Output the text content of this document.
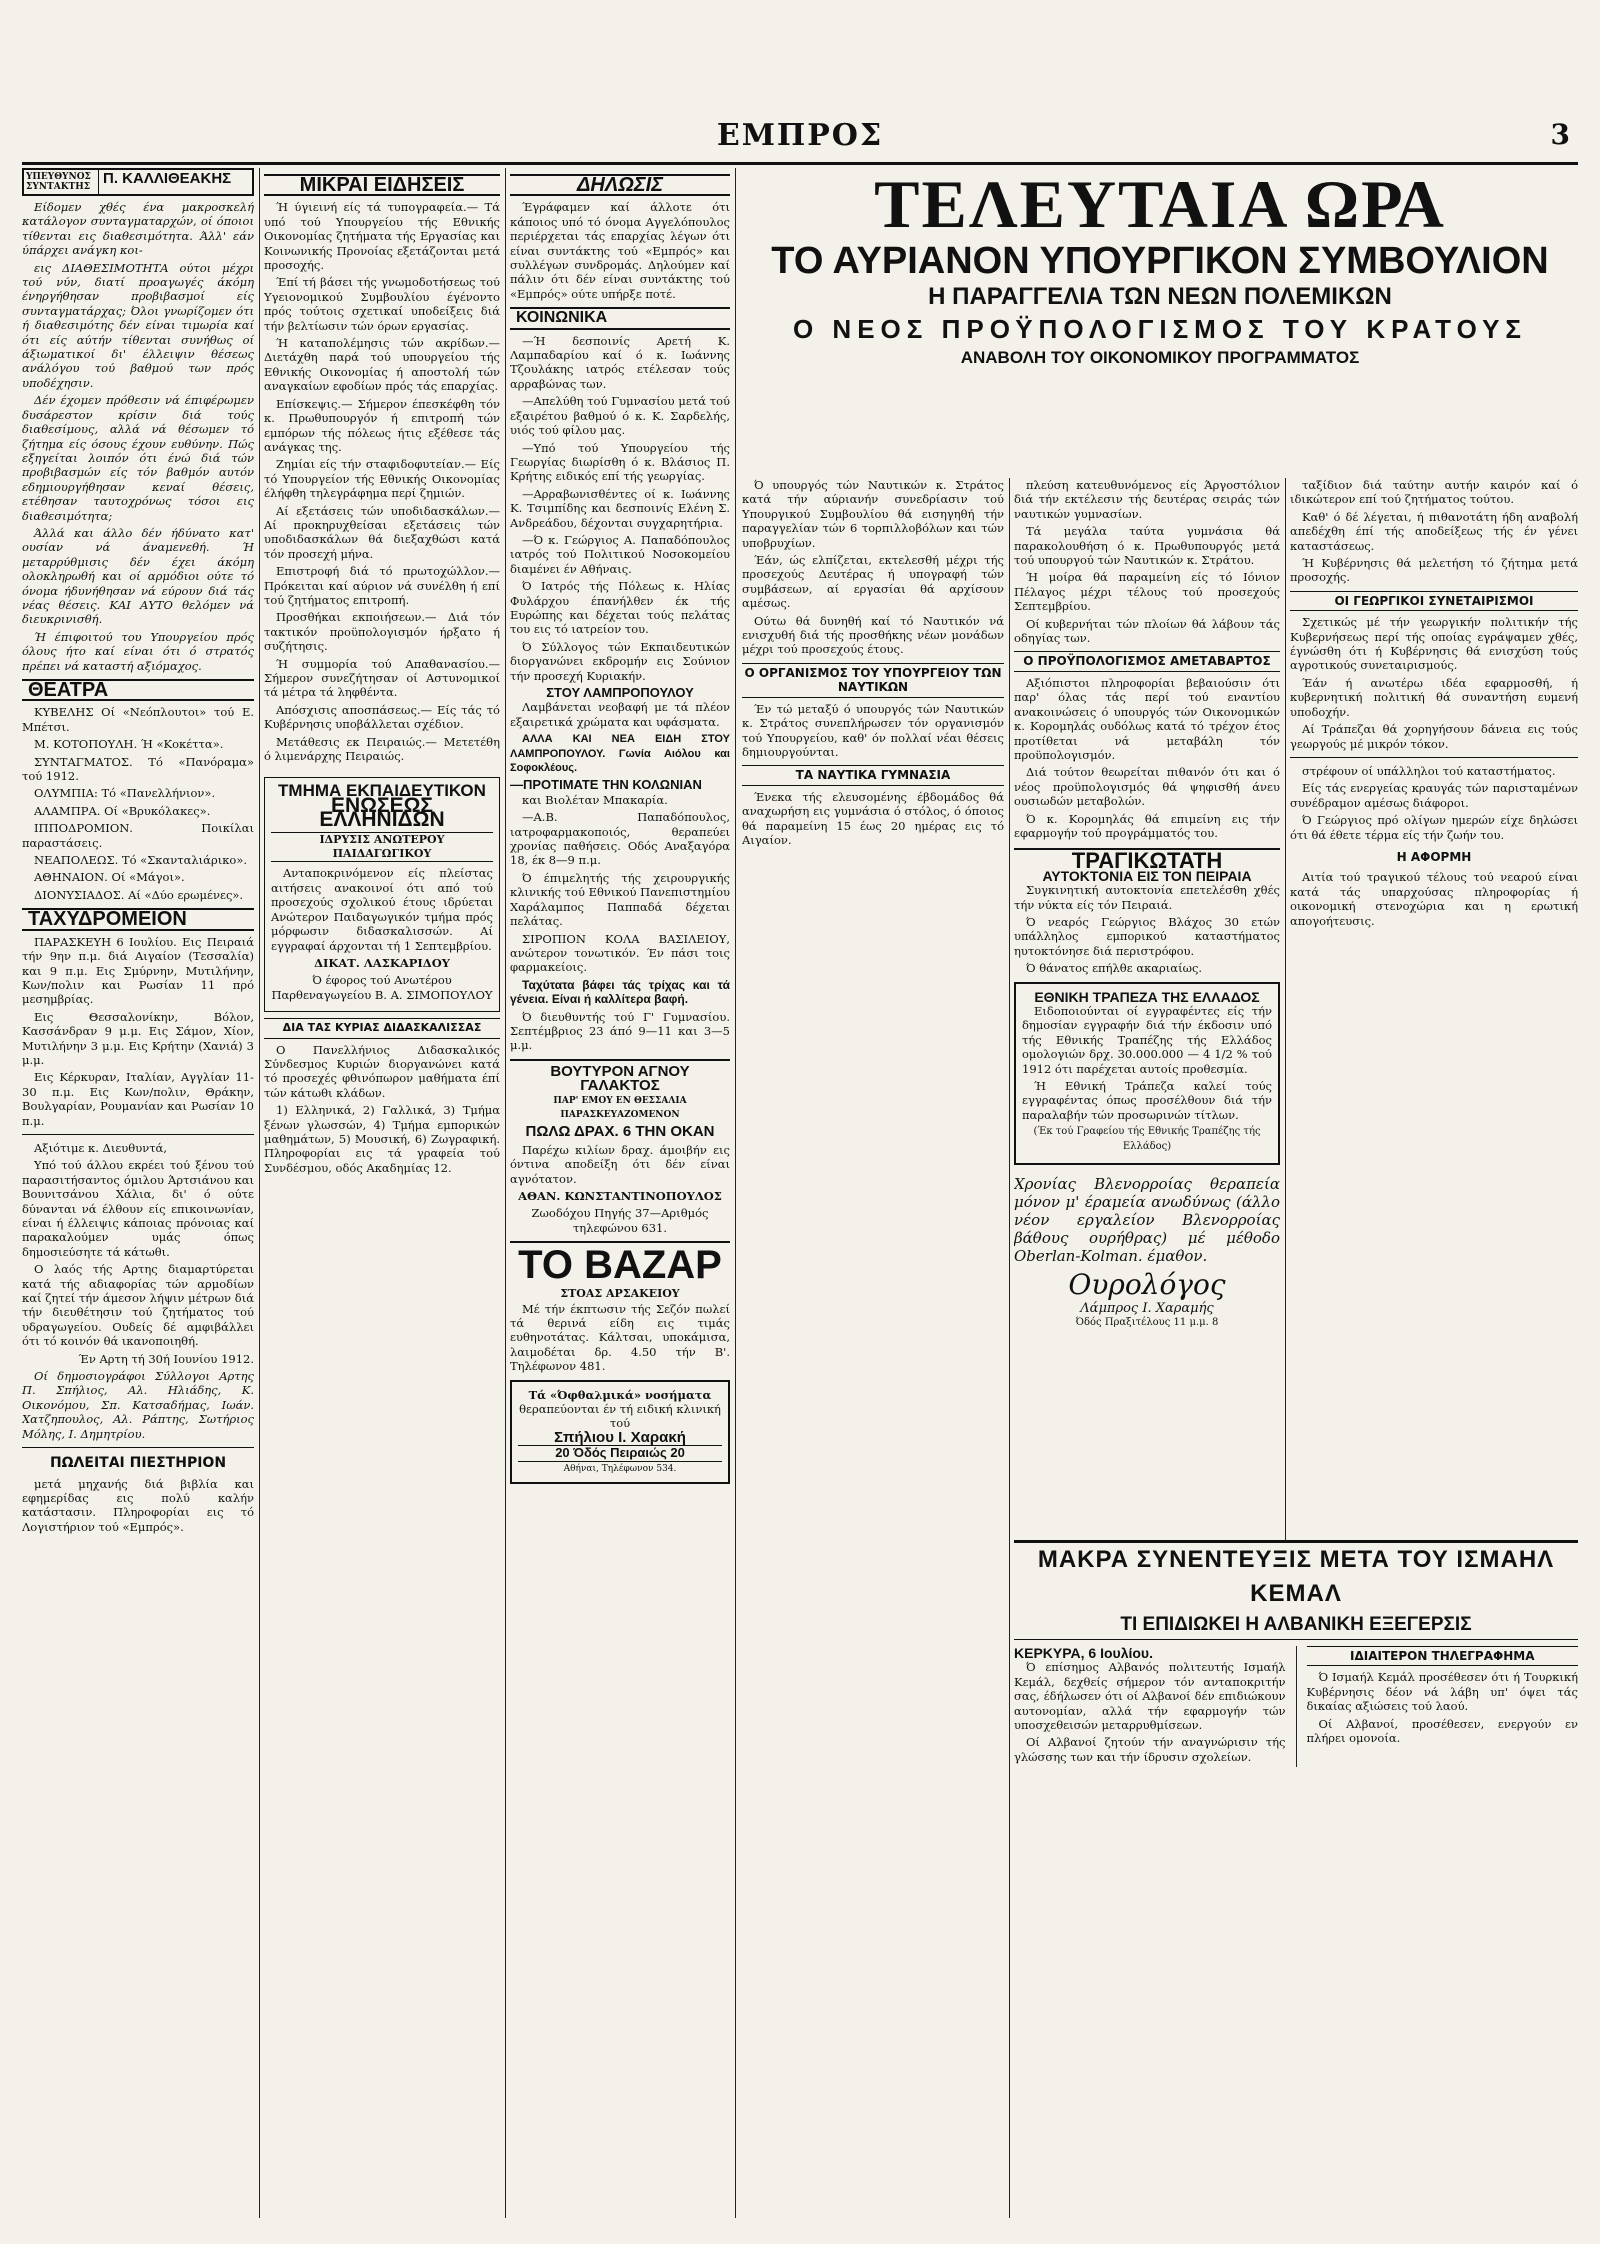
ΕΜΠΡΟΣ	3
ΥΠΕΥΘΥΝΟΣ ΣΥΝΤΑΚΤΗΣ Π. ΚΑΛΛΙΘΕΑΚΗΣ

Είδομεν χθές ένα μακροσκελή κατάλογον συνταγματαρχών, οί όποιοι τίθενται εις διαθεσιμότητα. Άλλ' εάν ύπάρχει ανάγκη κοι-

εις ΔΙΑΘΕΣΙΜΟΤΗΤΑ ούτοι μέχρι τού νύν, διατί προαγωγές άκόμη ένηργήθησαν προβιβασμοί είς συνταγματάρχας; Όλοι γνωρίζομεν ότι ή διαθεσιμότης δέν είναι τιμωρία καί ότι είς αύτήν τίθενται συνήθως οί άξιωματικοί δι' έλλειψιν θέσεως ανάλόγου τού βαθμού των πρός υποδέχησιν.

Δέν έχομεν πρόθεσιν νά έπιφέρωμεν δυσάρεστον κρίσιν διά τούς διαθεσίμους, αλλά νά θέσωμεν τό ζήτημα είς όσους έχουν ευθύνην. Πώς εξηγείται λοιπόν ότι ένώ διά τών προβιβασμών είς τόν βαθμόν αυτόν εδημιουργήθησαν κεναί θέσεις, ετέθησαν ταυτοχρόνως τόσοι εις διαθεσιμότητα;

Άλλά και άλλο δέν ήδύνατο κατ' ουσίαν νά άναμενεθή. Ή μεταρρύθμισις δέν έχει άκόμη ολοκληρωθή και οί αρμόδιοι ούτε τό όνομα ήδυνήθησαν νά εύρουν διά τάς νέας θέσεις. ΚΑΙ ΑΥΤΟ θελόμεν νά διευκρινισθή.

Ή έπιφοιτού του Υπουργείου πρός όλους ήτο καί είναι ότι ό στρατός πρέπει νά καταστή αξιόμαχος.

ΘΕΑΤΡΑ

ΚΥΒΕΛΗΣ Οί «Νεόπλουτοι» τού Ε. Μπέτσι.

Μ. ΚΟΤΟΠΟΥΛΗ. Ή «Κοκέττα».

ΣΥΝΤΑΓΜΑΤΟΣ. Τό «Πανόραμα» τού 1912.

ΟΛΥΜΠΙΑ: Τό «Πανελλήνιον».

ΑΛΑΜΠΡΑ. Οί «Βρυκόλακες».

ΙΠΠΟΔΡΟΜΙΟΝ. Ποικίλαι παραστάσεις.

ΝΕΑΠΟΛΕΩΣ. Τό «Σκανταλιάρικο».

ΑΘΗΝΑΙΟΝ. Οί «Μάγοι».

ΔΙΟΝΥΣΙΑΔΟΣ. Αί «Δύο ερωμένες».

ΤΑΧΥΔΡΟΜΕΙΟΝ

ΠΑΡΑΣΚΕΥΗ 6 Ιουλίου. Εις Πειραιά τήν 9ην π.μ. διά Αιγαίον (Τεσσαλία) και 9 π.μ. Εις Σμύρνην, Μυτιλήνην, Κων/πολιν και Ρωσίαν 11 πρό μεσημβρίας.

Εις Θεσσαλονίκην, Βόλον, Κασσάνδραν 9 μ.μ. Εις Σάμον, Χίον, Μυτιλήνην 3 μ.μ. Εις Κρήτην (Χανιά) 3 μ.μ.

Εις Κέρκυραν, Ιταλίαν, Αγγλίαν 11-30 π.μ. Εις Κων/πολιν, Θράκην, Βουλγαρίαν, Ρουμανίαν και Ρωσίαν 10 π.μ.

Αξιότιμε κ. Διευθυντά,

Υπό τού άλλου εκρέει τού ξένου τού παρασιτήσαντος όμιλου Άρτσιάνου και Βουνιτσάνου Χάλια, δι' ό ούτε δύνανται νά έλθουν είς επικοινωνίαν, είναι ή έλλειψις κάποιας πρόνοιας καί παρακαλούμεν υμάς όπως δημοσιεύσητε τά κάτωθι.

Ο λαός τής Αρτης διαμαρτύρεται κατά τής αδιαφορίας τών αρμοδίων καί ζητεί τήν άμεσον λήψιν μέτρων διά τήν διευθέτησιν τού ζητήματος τού υδραγωγείου. Ουδείς δέ αμφιβάλλει ότι τό κοινόν θά ικανοποιηθή.

Έν Αρτη τή 30ή Ιουνίου 1912.

Οί δημοσιογράφοι Σύλλογοι Αρτης Π. Σπήλιος, Αλ. Ηλιάδης, Κ. Οικονόμου, Σπ. Κατσαδήμας, Ιωάν. Χατζηπουλος, Αλ. Ράπτης, Σωτήριος Μόλης, Ι. Δημητρίου.

ΠΩΛΕΙΤΑΙ ΠΙΕΣΤΗΡΙΟΝ

μετά μηχανής διά βιβλία και εφημερίδας εις πολύ καλήν κατάστασιν. Πληροφορίαι εις τό Λογιστήριον τού «Εμπρός».

ΜΙΚΡΑΙ ΕΙΔΗΣΕΙΣ

Ή ύγιεινή είς τά τυπογραφεία.— Τά υπό τού Υπουργείου τής Εθνικής Οικονομίας ζητήματα τής Εργασίας και Κοινωνικής Προνοίας εξετάζονται μετά προσοχής.

Έπί τή βάσει τής γνωμοδοτήσεως τού Υγειονομικού Συμβουλίου έγένοντο πρός τούτοις σχετικαί υποδείξεις διά τήν βελτίωσιν τών όρων εργασίας.

Ή καταπολέμησις τών ακρίδων.— Διετάχθη παρά τού υπουργείου τής Εθνικής Οικονομίας ή αποστολή τών αναγκαίων εφοδίων πρός τάς επαρχίας.

Επίσκεψις.— Σήμερον έπεσκέφθη τόν κ. Πρωθυπουργόν ή επιτροπή τών εμπόρων τής πόλεως ήτις εξέθεσε τάς ανάγκας της.

Ζημίαι είς τήν σταφιδοφυτείαν.— Είς τό Υπουργείον τής Εθνικής Οικονομίας έλήφθη τηλεγράφημα περί ζημιών.

Αί εξετάσεις τών υποδιδασκάλων.— Αί προκηρυχθείσαι εξετάσεις τών υποδιδασκάλων θά διεξαχθώσι κατά τόν προσεχή μήνα.

Επιστροφή διά τό πρωτοχώλλον.— Πρόκειται καί αύριον νά συνέλθη ή επί τού ζητήματος επιτροπή.

Προσθήκαι εκποιήσεων.— Διά τόν τακτικόν προϋπολογισμόν ήρξατο ή συζήτησις.

Ή συμμορία τού Απαθανασίου.— Σήμερον συνεζήτησαν οί Αστυνομικοί τά μέτρα τά ληφθέντα.

Απόσχισις αποσπάσεως.— Είς τάς τό Κυβέρνησις υποβάλλεται σχέδιον.

Μετάθεσις εκ Πειραιώς.— Μετετέθη ό λιμενάρχης Πειραιώς.

ΤΜΗΜΑ ΕΚΠΑΙΔΕΥΤΙΚΟΝ
ΕΝΩΣΕΩΣ ΕΛΛΗΝΙΔΩΝ
ΙΔΡΥΣΙΣ ΑΝΩΤΕΡΟΥ ΠΑΙΔΑΓΩΓΙΚΟΥ

Ανταποκρινόμενον είς πλείστας αιτήσεις ανακοινοί ότι από τού προσεχούς σχολικού έτους ιδρύεται Ανώτερον Παιδαγωγικόν τμήμα πρός μόρφωσιν διδασκαλισσών. Αί εγγραφαί άρχονται τή 1 Σεπτεμβρίου.

ΔΙΚΑΤ. ΛΑΣΚΑΡΙΔΟΥ

Ό έφορος τού Ανωτέρου Παρθεναγωγείου Β. Α. ΣΙΜΟΠΟΥΛΟΥ

ΔΙΑ ΤΑΣ ΚΥΡΙΑΣ ΔΙΔΑΣΚΑΛΙΣΣΑΣ

Ο Πανελλήνιος Διδασκαλικός Σύνδεσμος Κυριών διοργανώνει κατά τό προσεχές φθινόπωρον μαθήματα έπί τών κάτωθι κλάδων.

1) Ελληνικά, 2) Γαλλικά, 3) Τμήμα ξένων γλωσσών, 4) Τμήμα εμπορικών μαθημάτων, 5) Μουσική, 6) Ζωγραφική. Πληροφορίαι εις τά γραφεία τού Συνδέσμου, οδός Ακαδημίας 12.

ΔΗΛΩΣΙΣ

Έγράφαμεν καί άλλοτε ότι κάποιος υπό τό όνομα Αγγελόπουλος περιέρχεται τάς επαρχίας λέγων ότι είναι συντάκτης τού «Εμπρός» και συλλέγων συνδρομάς. Δηλούμεν καί πάλιν ότι δέν είναι συντάκτης τού «Εμπρός» ούτε υπήρξε ποτέ.

ΚΟΙΝΩΝΙΚΑ

—Ή δεσποινίς Αρετή Κ. Λαμπαδαρίου καί ό κ. Ιωάννης Τζουλάκης ιατρός ετέλεσαν τούς αρραβώνας των.

—Απελύθη τού Γυμνασίου μετά τού εξαιρέτου βαθμού ό κ. Κ. Σαρδελής, υιός τού φίλου μας.

—Υπό τού Υπουργείου τής Γεωργίας διωρίσθη ό κ. Βλάσιος Π. Κρήτης ειδικός επί τής γεωργίας.

—Αρραβωνισθέντες οί κ. Ιωάννης Κ. Τσιμπίδης και δεσποινίς Ελένη Σ. Ανδρεάδου, δέχονται συγχαρητήρια.

—Ό κ. Γεώργιος Α. Παπαδόπουλος ιατρός τού Πολιτικού Νοσοκομείου διαμένει έν Αθήναις.

Ό Ιατρός τής Πόλεως κ. Ηλίας Φυλάρχου έπανήλθεν έκ τής Ευρώπης και δέχεται τούς πελάτας του εις τό ιατρείον του.

Ό Σύλλογος τών Εκπαιδευτικών διοργανώνει εκδρομήν εις Σούνιον τήν προσεχή Κυριακήν.

ΣΤΟΥ ΛΑΜΠΡΟΠΟΥΛΟΥ

Λαμβάνεται νεοβαφή με τά πλέον εξαιρετικά χρώματα και υφάσματα.

ΑΛΛΑ ΚΑΙ ΝΕΑ ΕΙΔΗ ΣΤΟΥ ΛΑΜΠΡΟΠΟΥΛΟΥ. Γωνία Αιόλου και Σοφοκλέους.

—ΠΡΟΤΙΜΑΤΕ ΤΗΝ ΚΟΛΩΝΙΑΝ

και Βιολέταν Μπακαρία.

—Α.Β. Παπαδόπουλος, ιατροφαρμακοποιός, θεραπεύει χρονίας παθήσεις. Οδός Αναξαγόρα 18, έκ 8—9 π.μ.

Ό έπιμελητής τής χειρουργικής κλινικής τού Εθνικού Πανεπιστημίου Χαράλαμπος Παππαδά δέχεται πελάτας.

ΣΙΡΟΠΙΟΝ ΚΟΛΑ ΒΑΣΙΛΕΙΟΥ, ανώτερον τονωτικόν. Έν πάσι τοις φαρμακείοις.

Ταχύτατα βάφει τάς τρίχας και τά γένεια. Είναι ή καλλίτερα βαφή.

Ό διευθυντής τού Γ' Γυμνασίου. Σεπτέμβριος 23 άπό 9—11 και 3—5 μ.μ.

ΒΟΥΤΥΡΟΝ ΑΓΝΟΥ ΓΑΛΑΚΤΟΣ
ΠΑΡ' ΕΜΟΥ ΕΝ ΘΕΣΣΑΛΙΑ ΠΑΡΑΣΚΕΥΑΖΟΜΕΝΟΝ
ΠΩΛΩ ΔΡΑΧ. 6 ΤΗΝ ΟΚΑΝ

Παρέχω κιλίων δραχ. άμοιβήν εις όντινα αποδείξη ότι δέν είναι αγνότατον.

ΑΘΑΝ. ΚΩΝΣΤΑΝΤΙΝΟΠΟΥΛΟΣ

Ζωοδόχου Πηγής 37—Αριθμός τηλεφώνου 631.

ΤΟ ΒΑΖΑΡ
ΣΤΟΑΣ ΑΡΣΑΚΕΙΟΥ

Μέ τήν έκπτωσιν τής Σεζόν πωλεί τά θερινά είδη εις τιμάς ευθηνοτάτας. Κάλτσαι, υποκάμισα, λαιμοδέται δρ. 4.50 τήν Β'. Τηλέφωνον 481.

Τά «Όφθαλμικά» νοσήματα
θεραπεύονται έν τή ειδική κλινική τού
Σπήλιου Ι. Χαρακή
20 Όδός Πειραιώς 20
Αθήναι, Τηλέφωνον 534.
ΤΕΛΕΥΤΑΙΑ ΩΡΑ
ΤΟ ΑΥΡΙΑΝΟΝ ΥΠΟΥΡΓΙΚΟΝ ΣΥΜΒΟΥΛΙΟΝ
Η ΠΑΡΑΓΓΕΛΙΑ ΤΩΝ ΝΕΩΝ ΠΟΛΕΜΙΚΩΝ
Ο ΝΕΟΣ ΠΡΟΫΠΟΛΟΓΙΣΜΟΣ ΤΟΥ ΚΡΑΤΟΥΣ
ΑΝΑΒΟΛΗ ΤΟΥ ΟΙΚΟΝΟΜΙΚΟΥ ΠΡΟΓΡΑΜΜΑΤΟΣ

Ό υπουργός τών Ναυτικών κ. Στράτος κατά τήν αύριανήν συνεδρίασιν τού Υπουργικού Συμβουλίου θά εισηγηθή τήν παραγγελίαν τών 6 τορπιλλοβόλων και τών υποβρυχίων.

Έάν, ώς ελπίζεται, εκτελεσθή μέχρι τής προσεχούς Δευτέρας ή υπογραφή τών συμβάσεων, αί εργασίαι θά αρχίσουν αμέσως.

Ούτω θά δυνηθή καί τό Ναυτικόν νά ενισχυθή διά τής προσθήκης νέων μονάδων μέχρι τού προσεχούς έτους.

Ο ΟΡΓΑΝΙΣΜΟΣ ΤΟΥ ΥΠΟΥΡΓΕΙΟΥ ΤΩΝ ΝΑΥΤΙΚΩΝ

Έν τώ μεταξύ ό υπουργός τών Ναυτικών κ. Στράτος συνεπλήρωσεν τόν οργανισμόν τού Υπουργείου, καθ' όν πολλαί νέαι θέσεις δημιουργούνται.

ΤΑ ΝΑΥΤΙΚΑ ΓΥΜΝΑΣΙΑ

Ένεκα τής ελευσομένης έβδομάδος θά αναχωρήση εις γυμνάσια ό στόλος, ό όποιος θά παραμείνη 15 έως 20 ημέρας εις τό Αιγαίον.

πλεύση κατευθυνόμενος είς Άργοστόλιον διά τήν εκτέλεσιν τής δευτέρας σειράς τών ναυτικών γυμνασίων.

Τά μεγάλα ταύτα γυμνάσια θά παρακολουθήση ό κ. Πρωθυπουργός μετά τού υπουργού τών Ναυτικών κ. Στράτου.

Ή μοίρα θά παραμείνη είς τό Ιόνιον Πέλαγος μέχρι τέλους τού προσεχούς Σεπτεμβρίου.

Οί κυβερνήται τών πλοίων θά λάβουν τάς οδηγίας των.

Ο ΠΡΟΫΠΟΛΟΓΙΣΜΟΣ ΑΜΕΤΑΒΑΡΤΟΣ

Αξιόπιστοι πληροφορίαι βεβαιούσιν ότι παρ' όλας τάς περί τού εναντίου ανακοινώσεις ό υπουργός τών Οικονομικών κ. Κορομηλάς ουδόλως κατά τό τρέχον έτος προτίθεται νά μεταβάλη τόν προϋπολογισμόν.

Διά τούτον θεωρείται πιθανόν ότι και ό νέος προϋπολογισμός θά ψηφισθή άνευ ουσιωδών μεταβολών.

Ό κ. Κορομηλάς θά επιμείνη εις τήν εφαρμογήν τού προγράμματός του.

ΤΡΑΓΙΚΩΤΑΤΗ
ΑΥΤΟΚΤΟΝΙΑ ΕΙΣ ΤΟΝ ΠΕΙΡΑΙΑ

Συγκινητική αυτοκτονία επετελέσθη χθές τήν νύκτα είς τόν Πειραιά.

Ό νεαρός Γεώργιος Βλάχος 30 ετών υπάλληλος εμπορικού καταστήματος ηυτοκτόνησε διά περιστρόφου.

Ό θάνατος επήλθε ακαριαίως.

ΕΘΝΙΚΗ ΤΡΑΠΕΖΑ ΤΗΣ ΕΛΛΑΔΟΣ

Ειδοποιούνται οί εγγραφέντες είς τήν δημοσίαν εγγραφήν διά τήν έκδοσιν υπό τής Εθνικής Τραπέζης τής Ελλάδος ομολογιών δρχ. 30.000.000 — 4 1/2 % τού 1912 ότι παρέχεται αυτοίς προθεσμία.

Ή Εθνική Τράπεζα καλεί τούς εγγραφέντας όπως προσέλθουν διά τήν παραλαβήν τών προσωρινών τίτλων.

(Έκ τού Γραφείου τής Εθνικής Τραπέζης τής Ελλάδος)

Χρονίας Βλενορροίας θεραπεία μόνον μ' έραμεία ανωδύνως (άλλο νέον εργαλείον Βλενορροίας βάθους ουρήθρας) μέ μέθοδο Oberlan-Kolman. έμαθον.

Ουρολόγος
Λάμπρος Ι. Χαραμής
Όδός Πραξιτέλους 11 μ.μ. 8

ταξίδιον διά ταύτην αυτήν καιρόν καί ό ιδικώτερον επί τού ζητήματος τούτου.

Καθ' ό δέ λέγεται, ή πιθανοτάτη ήδη αναβολή απεδέχθη έπί τής αποδείξεως τής έν γένει καταστάσεως.

Ή Κυβέρνησις θά μελετήση τό ζήτημα μετά προσοχής.

ΟΙ ΓΕΩΡΓΙΚΟΙ ΣΥΝΕΤΑΙΡΙΣΜΟΙ

Σχετικώς μέ τήν γεωργικήν πολιτικήν τής Κυβερνήσεως περί τής οποίας εγράψαμεν χθές, έγνώσθη ότι ή Κυβέρνησις θά ενισχύση τούς αγροτικούς συνεταιρισμούς.

Έάν ή ανωτέρω ιδέα εφαρμοσθή, ή κυβερνητική πολιτική θά συναντήση ευμενή υποδοχήν.

Αί Τράπεζαι θά χορηγήσουν δάνεια εις τούς γεωργούς μέ μικρόν τόκον.

στρέφουν οί υπάλληλοι τού καταστήματος.

Είς τάς ενεργείας κραυγάς τών παρισταμένων συνέδραμον αμέσως διάφοροι.

Ό Γεώργιος πρό ολίγων ημερών είχε δηλώσει ότι θά έθετε τέρμα είς τήν ζωήν του.

Η ΑΦΟΡΜΗ

Αιτία τού τραγικού τέλους τού νεαρού είναι κατά τάς υπαρχούσας πληροφορίας ή οικονομική στενοχώρια και η ερωτική απογοήτευσις.

ΜΑΚΡΑ ΣΥΝΕΝΤΕΥΞΙΣ ΜΕΤΑ ΤΟΥ ΙΣΜΑΗΛ ΚΕΜΑΛ
ΤΙ ΕΠΙΔΙΩΚΕΙ Η ΑΛΒΑΝΙΚΗ ΕΞΕΓΕΡΣΙΣ
ΚΕΡΚΥΡΑ, 6 Ιουλίου.

Ό επίσημος Αλβανός πολιτευτής Ισμαήλ Κεμάλ, δεχθείς σήμερον τόν ανταποκριτήν σας, έδήλωσεν ότι οί Αλβανοί δέν επιδιώκουν αυτονομίαν, αλλά τήν εφαρμογήν τών υποσχεθεισών μεταρρυθμίσεων.

Οί Αλβανοί ζητούν τήν αναγνώρισιν τής γλώσσης των και τήν ίδρυσιν σχολείων.

ΙΔΙΑΙΤΕΡΟΝ ΤΗΛΕΓΡΑΦΗΜΑ

Ό Ισμαήλ Κεμάλ προσέθεσεν ότι ή Τουρκική Κυβέρνησις δέον νά λάβη υπ' όψει τάς δικαίας αξιώσεις τού λαού.

Οί Αλβανοί, προσέθεσεν, ενεργούν εν πλήρει ομονοία.
